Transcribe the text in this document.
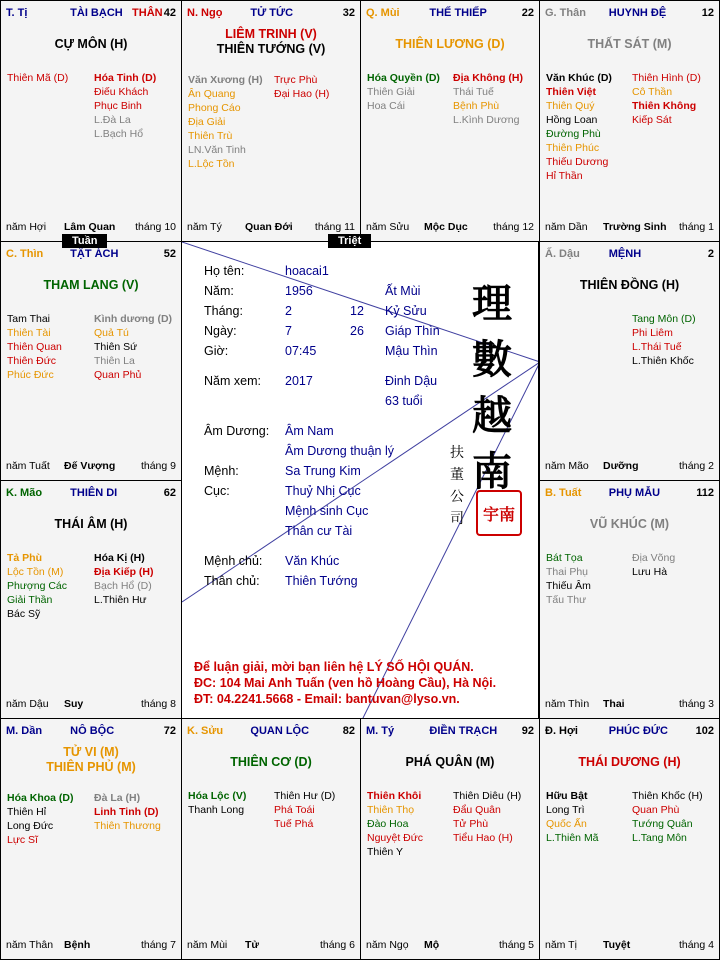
T. Tị	TÀI BẠCH THÂN 42
CỰ MÔN (H)
Thiên Mã (D) Hóa Tinh (D)
Điếu Khách
Phục Binh
L.Đà La
L.Bạch Hổ
năm Hợi Lâm Quan tháng 10
N. Ngọ	TỬ TỨC	32
LIÊM TRINH (V)
THIÊN TƯỚNG (V)
Văn Xương (H)
Ân Quang
Phong Cáo
Địa Giải
Thiên Trù
LN.Văn Tinh
L.Lộc Tồn
Trực Phù
Đại Hao (H)
năm Tý Quan Đới tháng 11
Q. Mùi	THẾ THIẾP	22
THIÊN LƯƠNG (D)
Hóa Quyền (D)
Thiên Giải
Hoa Cái
Địa Không (H)
Thái Tuế
Bệnh Phù
L.Kình Dương
năm Sửu Mộc Dục tháng 12
G. Thân HUYNH ĐỆ	12
THẤT SÁT (M)
Văn Khúc (D)
Thiên Việt
Thiên Quý
Hồng Loan
Đường Phù
Thiên Phúc
Thiếu Dương
Hỉ Thần
Thiên Hình (D)
Cô Thần
Thiên Không
Kiếp Sát
năm Dần Trường Sinh tháng 1
C. Thìn TẬT ÁCH	52
THAM LANG (V)
Tam Thai
Thiên Tài
Thiên Quan
Thiên Đức
Phúc Đức
Kình dương (D)
Quả Tú
Thiên Sứ
Thiên La
Quan Phủ
năm Tuất Đế Vượng tháng 9
Ấ. Dậu	MỆNH	2
THIÊN ĐỒNG (H)
Tang Môn (D)
Phi Liêm
L.Thái Tuế
L.Thiên Khốc
năm Mão Dưỡng	tháng 2
K. Mão	THIÊN DI	62
THÁI ÂM (H)
Tả Phù
Lộc Tồn (M)
Phượng Các
Giải Thần
Bác Sỹ
Hóa Kị (H)
Địa Kiếp (H)
Bạch Hổ (D)
L.Thiên Hư
năm Dậu Suy	tháng 8
B. Tuất PHỤ MẪU	112
VŨ KHÚC (M)
Bát Tọa
Thai Phụ
Thiếu Âm
Tấu Thư
Địa Võng
Lưu Hà
năm Thìn Thai	tháng 3
M. Dần	NÔ BỘC	72
TỬ VI (M)
THIÊN PHỦ (M)
Hóa Khoa (D)
Thiên Hỉ
Long Đức
Lực Sĩ
Đà La (H)
Linh Tinh (D)
Thiên Thương
năm Thân Bệnh	tháng 7
K. Sửu QUAN LỘC	82
THIÊN CƠ (D)
Hóa Lộc (V)
Thanh Long
Thiên Hư (D)
Phá Toái
Tuế Phá
năm Mùi Tử	tháng 6
M. Tý	ĐIỀN TRẠCH 92
PHÁ QUÂN (M)
Thiên Khôi
Thiên Thọ
Đào Hoa
Nguyệt Đức
Thiên Y
Thiên Diêu (H)
Đẩu Quân
Tử Phù
Tiểu Hao (H)
năm Ngọ Mộ	tháng 5
Đ. Hợi	PHÚC ĐỨC	102
THÁI DƯƠNG (H)
Hữu Bật
Long Trì
Quốc Ấn
L.Thiên Mã
Thiên Khốc (H)
Quan Phù
Tướng Quân
L.Tang Môn
năm Tị Tuyệt	tháng 4
Họ tên:	hoacai1
Năm:	1956	Ất Mùi
Tháng:	2	12 Kỷ Sửu
Ngày:	7	26 Giáp Thìn
Giờ:	07:45	Mậu Thìn
Năm xem: 2017	Đinh Dậu
63 tuổi
Âm Dương: Âm Nam
Âm Dương thuận lý
Mệnh:	Sa Trung Kim
Cục:	Thuỷ Nhị Cục
Mệnh sinh Cục
Thân cư Tài
Mệnh chủ: Văn Khúc
Thân chủ: Thiên Tướng
理
數
越
南
扶
董
公
司 宇南
Để luận giải, mời bạn liên hệ LÝ SỐ HỘI QUÁN.
ĐC: 104 Mai Anh Tuấn (ven hồ Hoàng Cầu), Hà Nội.
ĐT: 04.2241.5668 - Email: bantuvan@lyso.vn.
Tuần	Triệt
